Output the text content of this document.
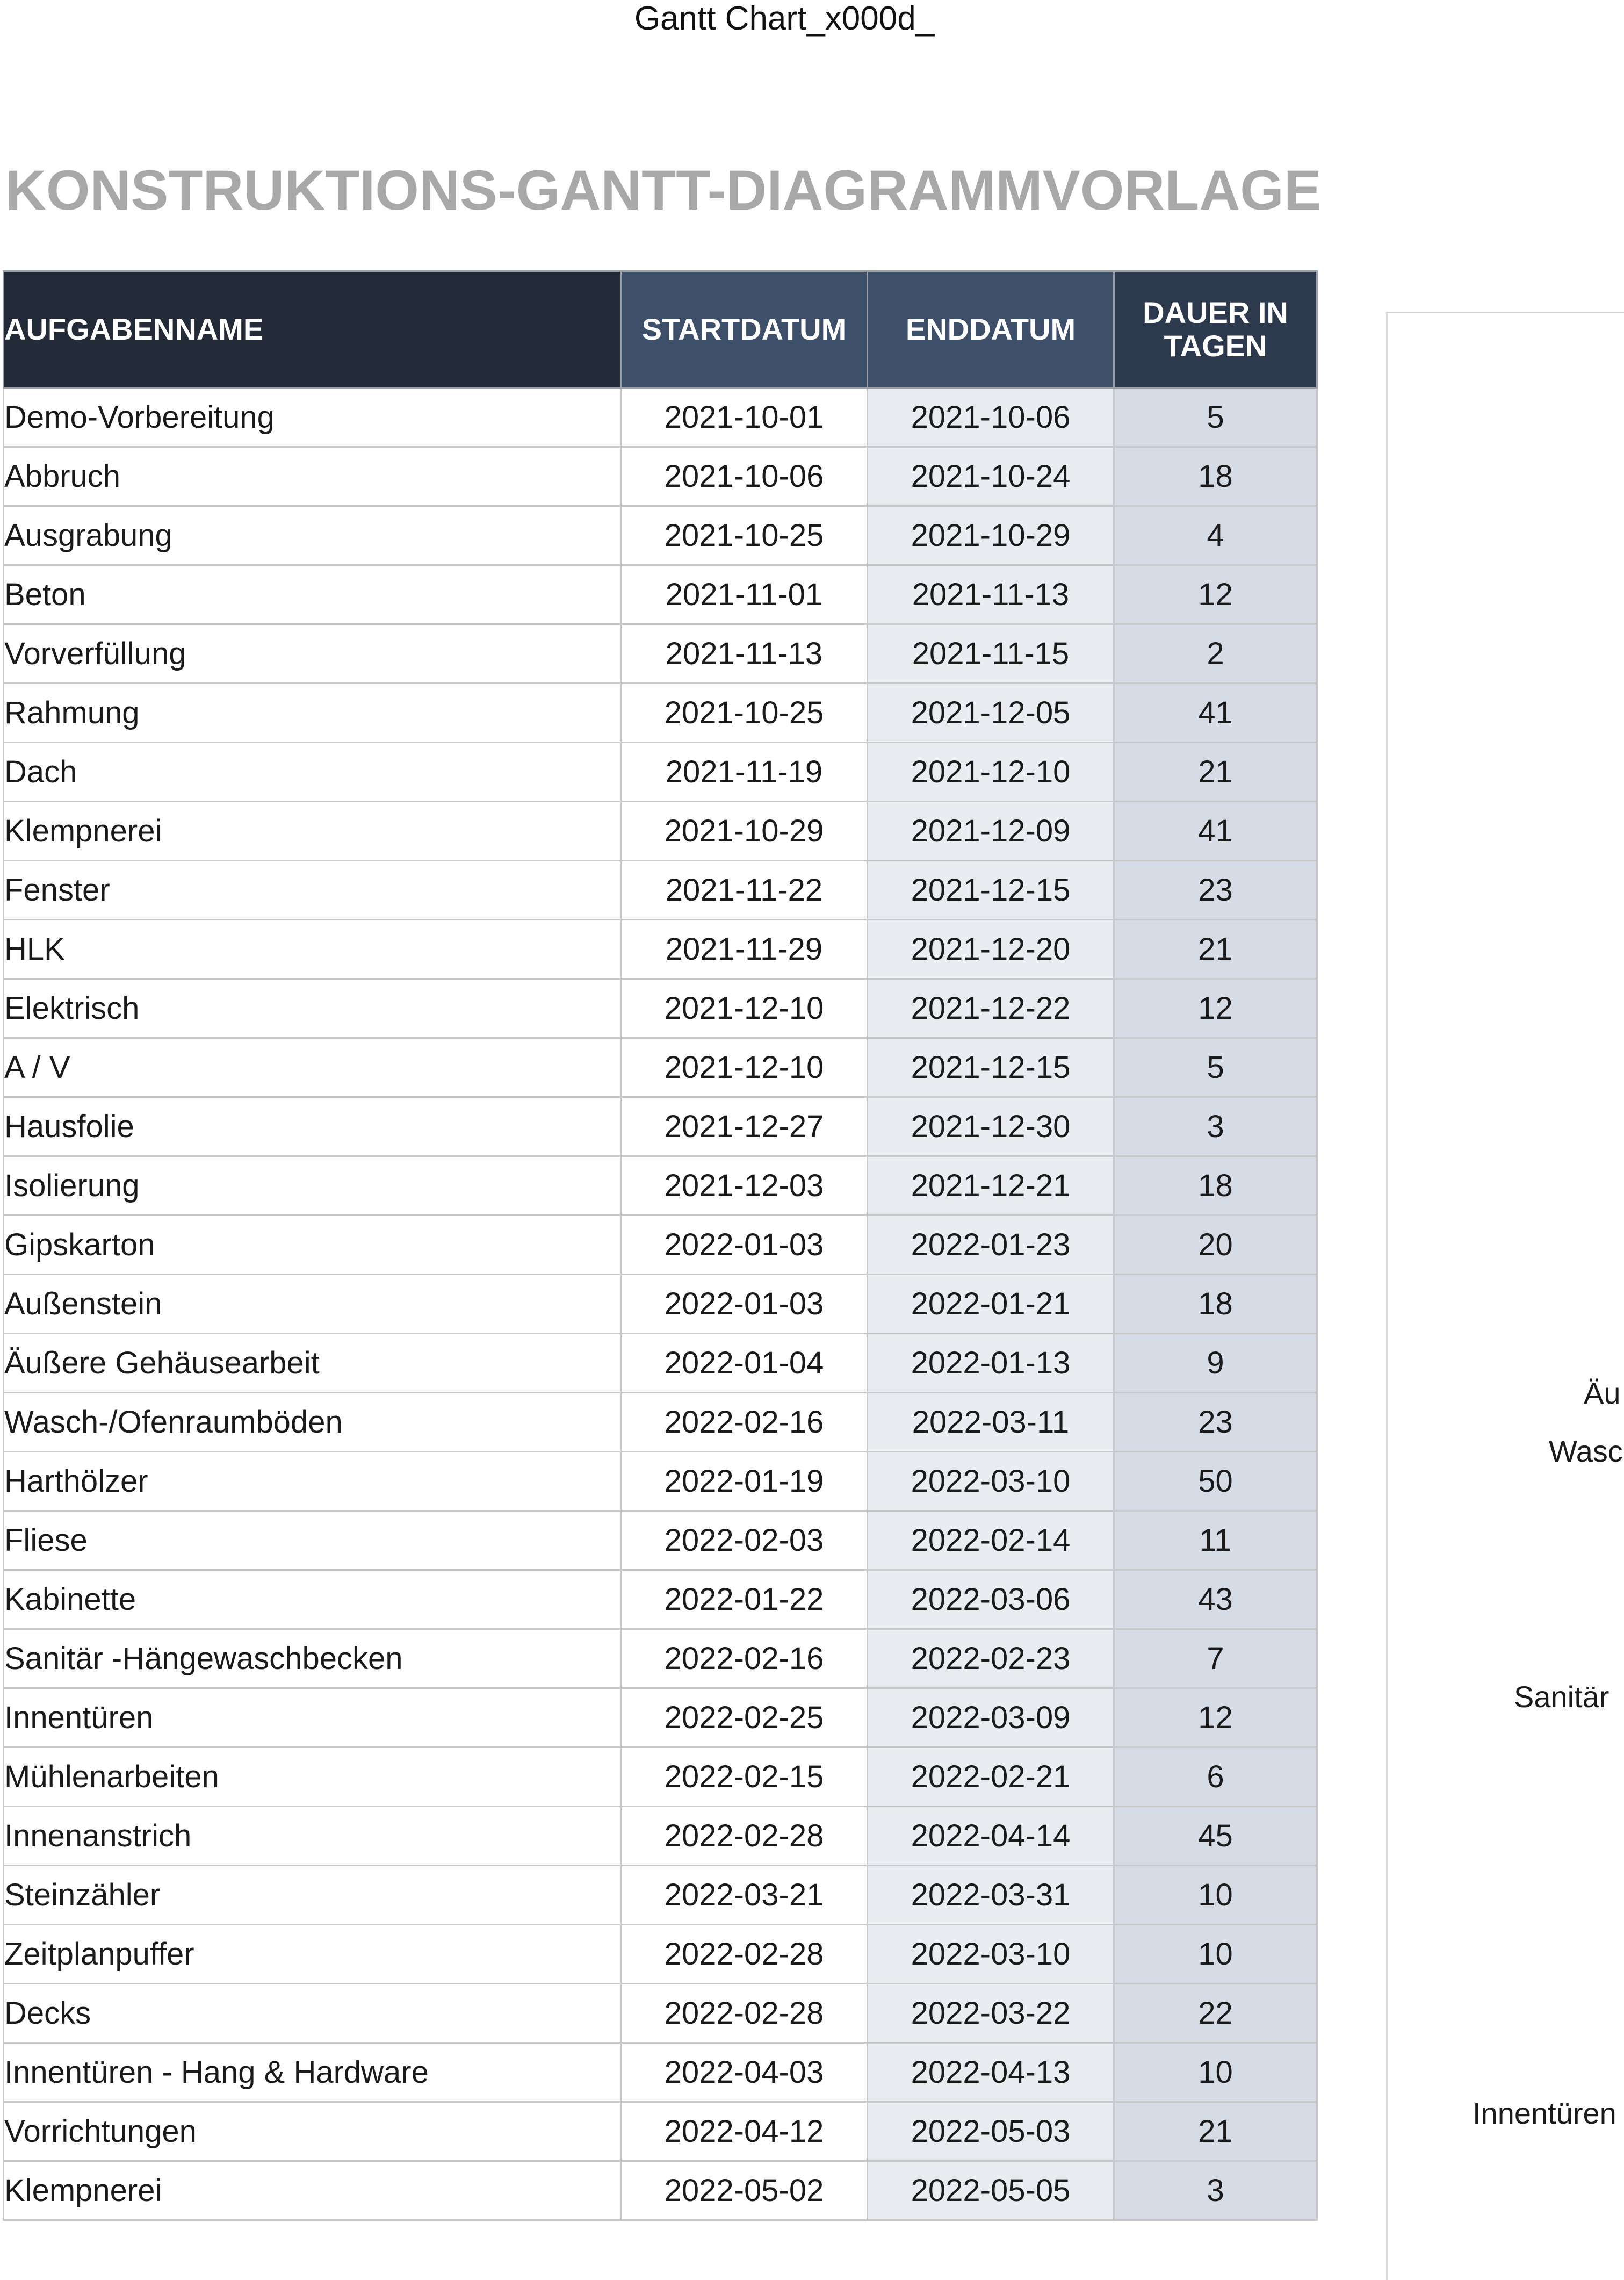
Gantt Chart_x000d_
KONSTRUKTIONS-GANTT-DIAGRAMMVORLAGE
AUFGABENNAME	STARTDATUM	ENDDATUM	DAUER IN
TAGEN
Demo-Vorbereitung	2021-10-01	2021-10-06	5
Abbruch	2021-10-06	2021-10-24	18
Ausgrabung	2021-10-25	2021-10-29	4
Beton	2021-11-01	2021-11-13	12
Vorverfüllung	2021-11-13	2021-11-15	2
Rahmung	2021-10-25	2021-12-05	41
Dach	2021-11-19	2021-12-10	21
Klempnerei	2021-10-29	2021-12-09	41
Fenster	2021-11-22	2021-12-15	23
HLK	2021-11-29	2021-12-20	21
Elektrisch	2021-12-10	2021-12-22	12
A / V	2021-12-10	2021-12-15	5
Hausfolie	2021-12-27	2021-12-30	3
Isolierung	2021-12-03	2021-12-21	18
Gipskarton	2022-01-03	2022-01-23	20
Außenstein	2022-01-03	2022-01-21	18
Äußere Gehäusearbeit	2022-01-04	2022-01-13	9
Wasch-/Ofenraumböden	2022-02-16	2022-03-11	23
Harthölzer	2022-01-19	2022-03-10	50
Fliese	2022-02-03	2022-02-14	11
Kabinette	2022-01-22	2022-03-06	43
Sanitär -Hängewaschbecken	2022-02-16	2022-02-23	7
Innentüren	2022-02-25	2022-03-09	12
Mühlenarbeiten	2022-02-15	2022-02-21	6
Innenanstrich	2022-02-28	2022-04-14	45
Steinzähler	2022-03-21	2022-03-31	10
Zeitplanpuffer	2022-02-28	2022-03-10	10
Decks	2022-02-28	2022-03-22	22
Innentüren - Hang & Hardware	2022-04-03	2022-04-13	10
Vorrichtungen	2022-04-12	2022-05-03	21
Klempnerei	2022-05-02	2022-05-05	3
Äu
Wasc
Sanitär
Innentüren
